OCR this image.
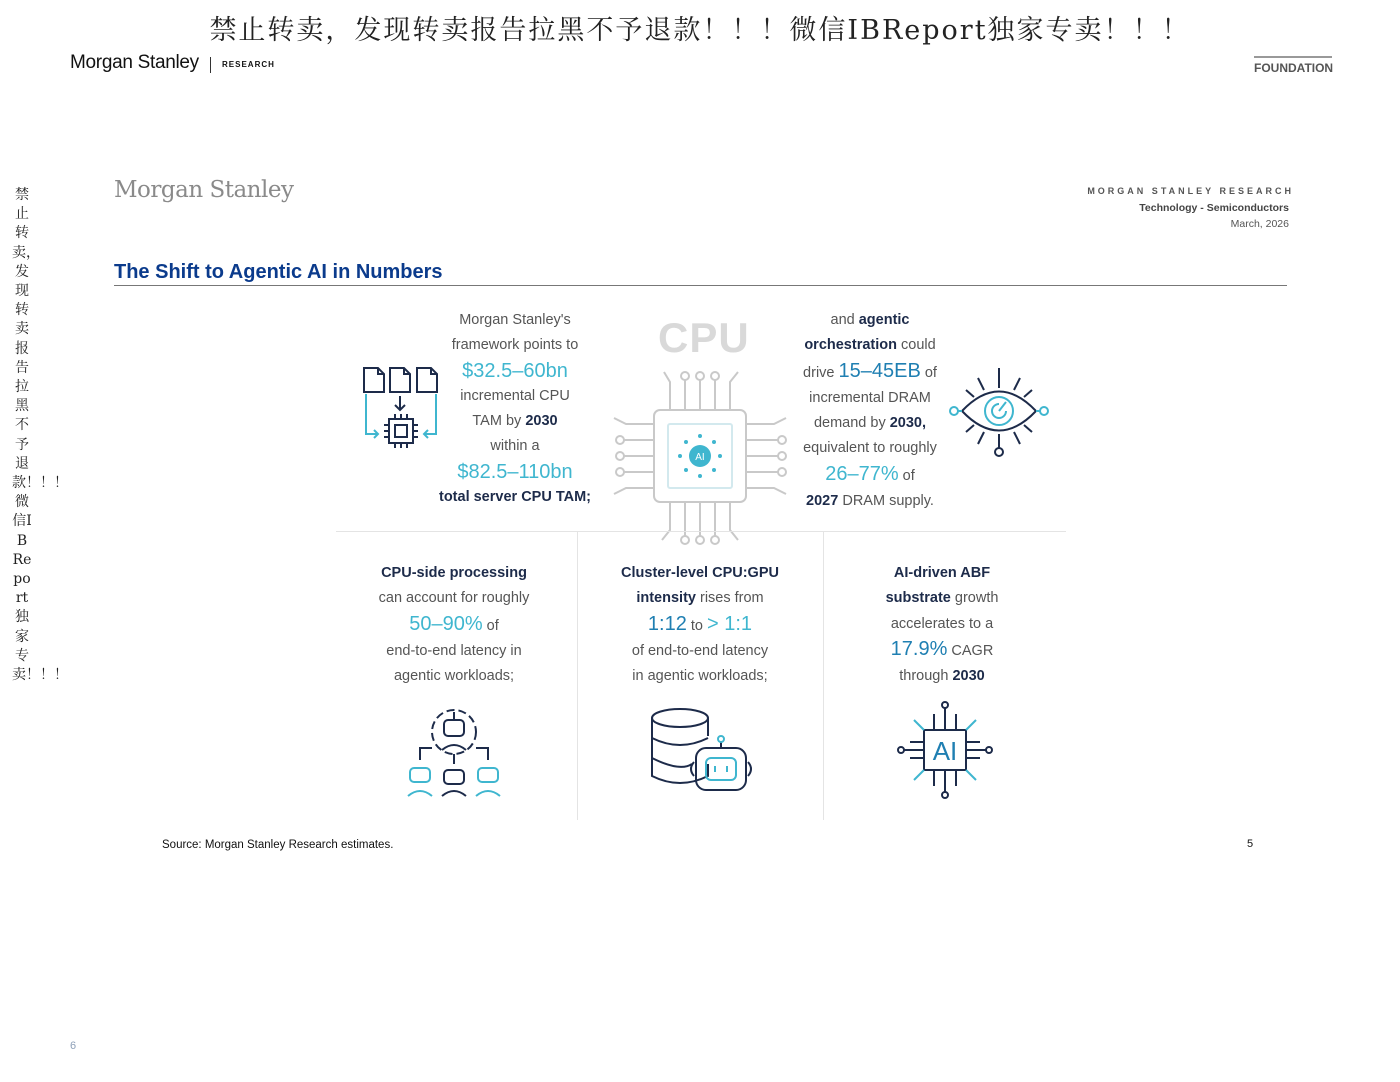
禁止转卖，发现转卖报告拉黑不予退款！！！微信IBReport独家专卖！！！
禁止转卖，发现转卖报告拉黑不予退款！！！微信IBReport独家专卖！！！
Morgan Stanley	RESEARCH	FOUNDATION
Morgan Stanley	MORGAN STANLEY RESEARCH
Technology - Semiconductors
March, 2026
The Shift to Agentic AI in Numbers
Morgan Stanley's
framework points to
$32.5–60bn
incremental CPU
TAM by 2030
within a
$82.5–110bn
total server CPU TAM;
and agentic
orchestration could
drive 15–45EB of
incremental DRAM
demand by 2030,
equivalent to roughly
26–77% of
2027 DRAM supply.
CPU
AI
CPU-side processing
can account for roughly
50–90% of
end-to-end latency in
agentic workloads;
Cluster-level CPU:GPU
intensity rises from
1:12 to > 1:1
of end-to-end latency
in agentic workloads;
AI-driven ABF
substrate growth
accelerates to a
17.9% CAGR
through 2030
AI
Source: Morgan Stanley Research estimates.	5
6
